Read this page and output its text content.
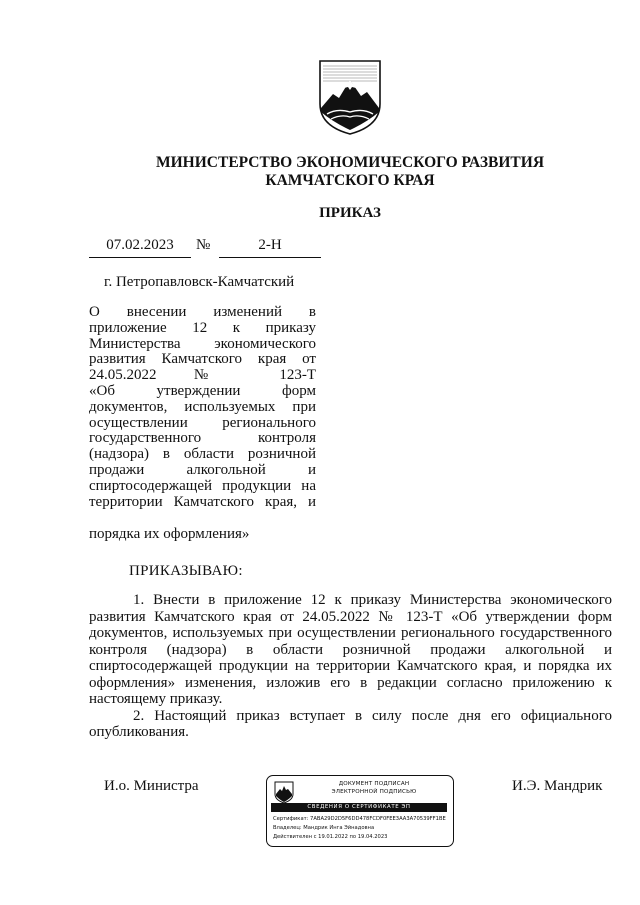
МИНИСТЕРСТВО ЭКОНОМИЧЕСКОГО РАЗВИТИЯ
КАМЧАТСКОГО КРАЯ
ПРИКАЗ
07.02.2023	№	2-Н
г. Петропавловск-Камчатский
О внесении изменений в
приложение 12 к приказу
Министерства экономического
развития Камчатского края от
24.05.2022 № 123-Т
«Об утверждении форм
документов, используемых при
осуществлении регионального
государственного контроля
(надзора) в области розничной
продажи алкогольной и
спиртосодержащей продукции на
территории Камчатского края, и
порядка их оформления»
ПРИКАЗЫВАЮ:

1. Внести в приложение 12 к приказу Министерства экономического развития Камчатского края от 24.05.2022 № 123-Т «Об утверждении форм документов, используемых при осуществлении регионального государственного контроля (надзора) в области розничной продажи алкогольной и спиртосодержащей продукции на территории Камчатского края, и порядка их оформления» изменения, изложив его в редакции согласно приложению к настоящему приказу.

2. Настоящий приказ вступает в силу после дня его официального опубликования.

И.о. Министра	И.Э. Мандрик
ДОКУМЕНТ ПОДПИСАН
ЭЛЕКТРОННОЙ ПОДПИСЬЮ
СВЕДЕНИЯ О СЕРТИФИКАТЕ ЭП
Сертификат: 7ABA29D2D5F6DD478FCDF0FEE3AA3A70539FF1BE
Владелец: Мандрик Инга Эйнадовна
Действителен с 19.01.2022 по 19.04.2023
